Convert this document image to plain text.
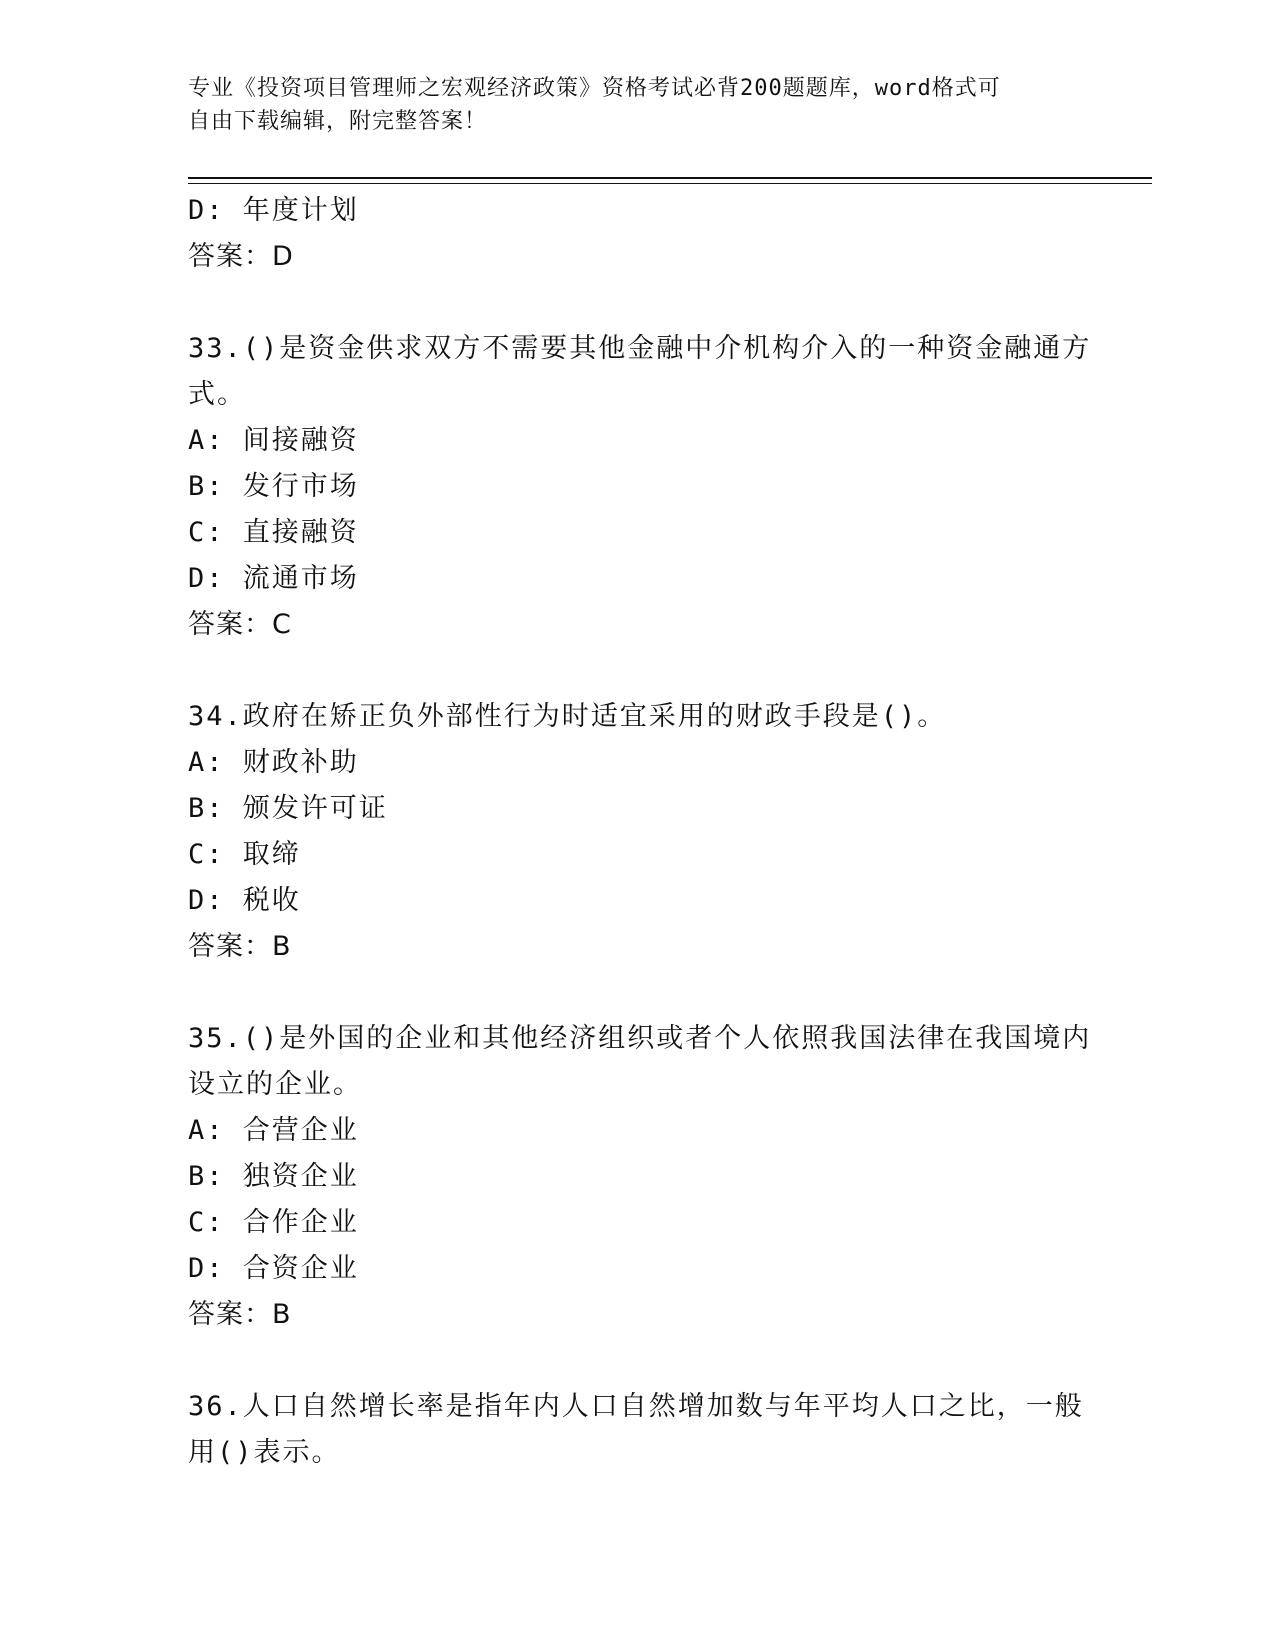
专业《投资项目管理师之宏观经济政策》资格考试必背200题题库，word格式可
自由下载编辑，附完整答案！
D: 年度计划
答案：D
33.()是资金供求双方不需要其他金融中介机构介入的一种资金融通方
式。
A: 间接融资
B: 发行市场
C: 直接融资
D: 流通市场
答案：C
34.政府在矫正负外部性行为时适宜采用的财政手段是()。
A: 财政补助
B: 颁发许可证
C: 取缔
D: 税收
答案：B
35.()是外国的企业和其他经济组织或者个人依照我国法律在我国境内
设立的企业。
A: 合营企业
B: 独资企业
C: 合作企业
D: 合资企业
答案：B
36.人口自然增长率是指年内人口自然增加数与年平均人口之比，一般
用()表示。
